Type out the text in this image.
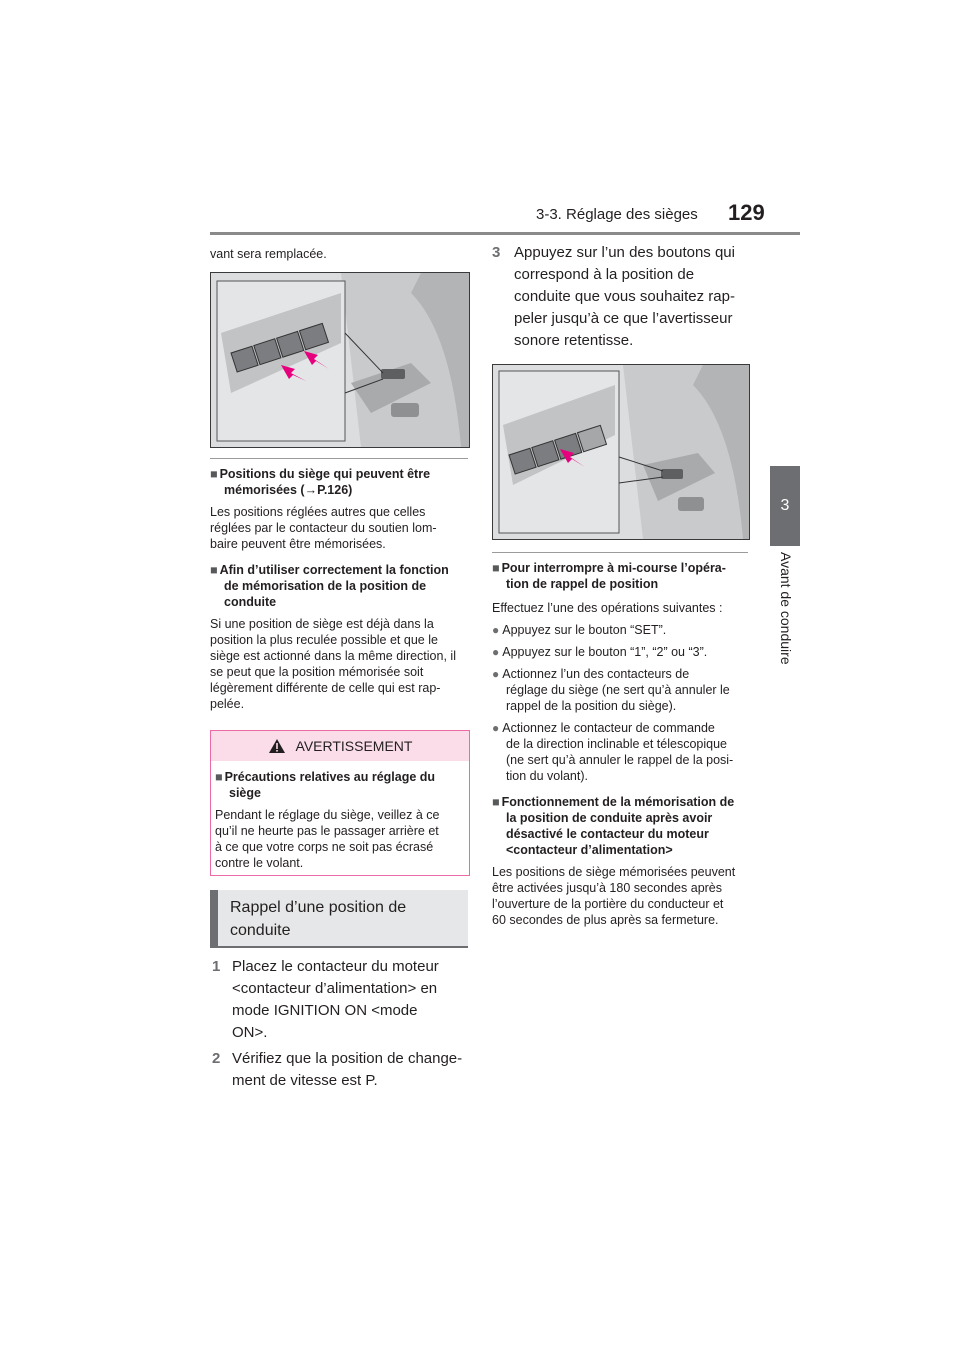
3-3. Réglage des sièges 129
3
Avant de conduire
vant sera remplacée.
■ Positions du siège qui peuvent être
mémorisées (→P.126)
Les positions réglées autres que celles
réglées par le contacteur du soutien lom-
baire peuvent être mémorisées.
■ Afin d’utiliser correctement la fonction
de mémorisation de la position de
conduite
Si une position de siège est déjà dans la
position la plus reculée possible et que le
siège est actionné dans la même direction, il
se peut que la position mémorisée soit
légèrement différente de celle qui est rap-
pelée.
AVERTISSEMENT
■ Précautions relatives au réglage du
siège
Pendant le réglage du siège, veillez à ce
qu’il ne heurte pas le passager arrière et
à ce que votre corps ne soit pas écrasé
contre le volant.
Rappel d’une position de
conduite
1 Placez le contacteur du moteur
<contacteur d’alimentation> en
mode IGNITION ON <mode
ON>.
2 Vérifiez que la position de change-
ment de vitesse est P.
3 Appuyez sur l’un des boutons qui
correspond à la position de
conduite que vous souhaitez rap-
peler jusqu’à ce que l’avertisseur
sonore retentisse.
■ Pour interrompre à mi-course l’opéra-
tion de rappel de position
Effectuez l’une des opérations suivantes :
● Appuyez sur le bouton “SET”.
● Appuyez sur le bouton “1”, “2” ou “3”.
● Actionnez l’un des contacteurs de
réglage du siège (ne sert qu’à annuler le
rappel de la position du siège).
● Actionnez le contacteur de commande
de la direction inclinable et télescopique
(ne sert qu’à annuler le rappel de la posi-
tion du volant).
■ Fonctionnement de la mémorisation de
la position de conduite après avoir
désactivé le contacteur du moteur
<contacteur d’alimentation>
Les positions de siège mémorisées peuvent
être activées jusqu’à 180 secondes après
l’ouverture de la portière du conducteur et
60 secondes de plus après sa fermeture.
